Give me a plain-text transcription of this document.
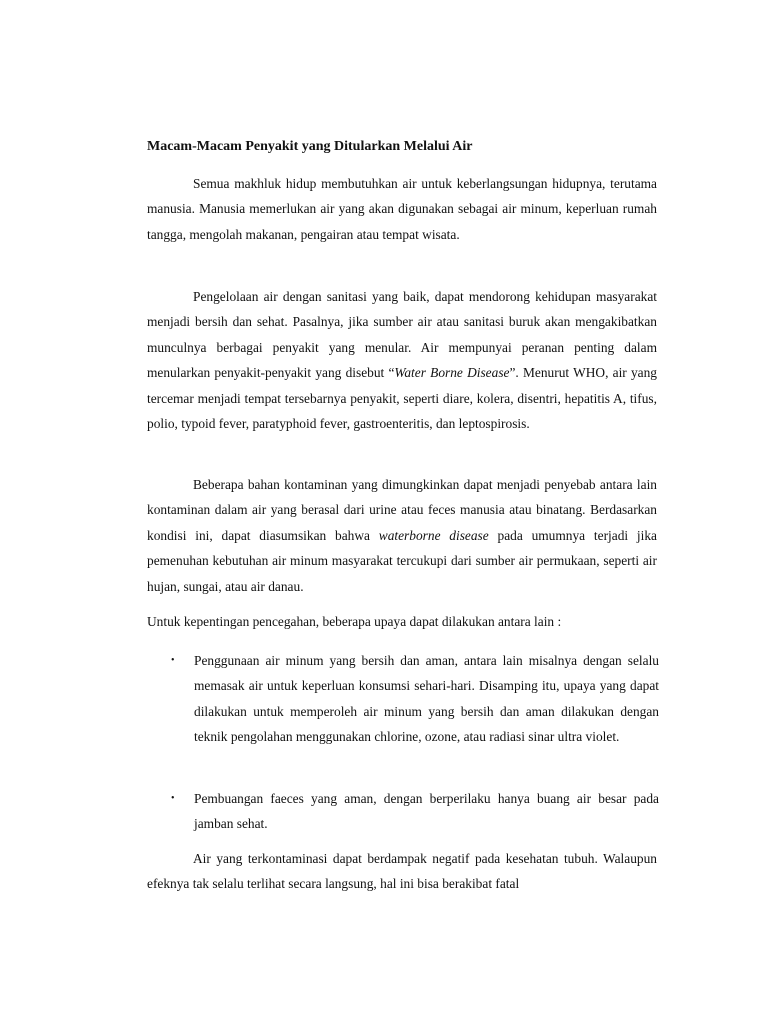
Macam-Macam Penyakit yang Ditularkan Melalui Air

Semua makhluk hidup membutuhkan air untuk keberlangsungan hidupnya, terutama manusia. Manusia memerlukan air yang akan digunakan sebagai air minum, keperluan rumah tangga, mengolah makanan, pengairan atau tempat wisata.

Pengelolaan air dengan sanitasi yang baik, dapat mendorong kehidupan masyarakat menjadi bersih dan sehat. Pasalnya, jika sumber air atau sanitasi buruk akan mengakibatkan munculnya berbagai penyakit yang menular. Air mempunyai peranan penting dalam menularkan penyakit-penyakit yang disebut “Water Borne Disease”. Menurut WHO, air yang tercemar menjadi tempat tersebarnya penyakit, seperti diare, kolera, disentri, hepatitis A, tifus, polio, typoid fever, paratyphoid fever, gastroenteritis, dan leptospirosis.

Beberapa bahan kontaminan yang dimungkinkan dapat menjadi penyebab antara lain kontaminan dalam air yang berasal dari urine atau feces manusia atau binatang. Berdasarkan kondisi ini, dapat diasumsikan bahwa waterborne disease pada umumnya terjadi jika pemenuhan kebutuhan air minum masyarakat tercukupi dari sumber air permukaan, seperti air hujan, sungai, atau air danau.

Untuk kepentingan pencegahan, beberapa upaya dapat dilakukan antara lain :

•	Penggunaan air minum yang bersih dan aman, antara lain misalnya dengan selalu memasak air untuk keperluan konsumsi sehari-hari. Disamping itu, upaya yang dapat dilakukan untuk memperoleh air minum yang bersih dan aman dilakukan dengan teknik pengolahan menggunakan chlorine, ozone, atau radiasi sinar ultra violet.
•	Pembuangan faeces yang aman, dengan berperilaku hanya buang air besar pada jamban sehat.

Air yang terkontaminasi dapat berdampak negatif pada kesehatan tubuh. Walaupun efeknya tak selalu terlihat secara langsung, hal ini bisa berakibat fatal
